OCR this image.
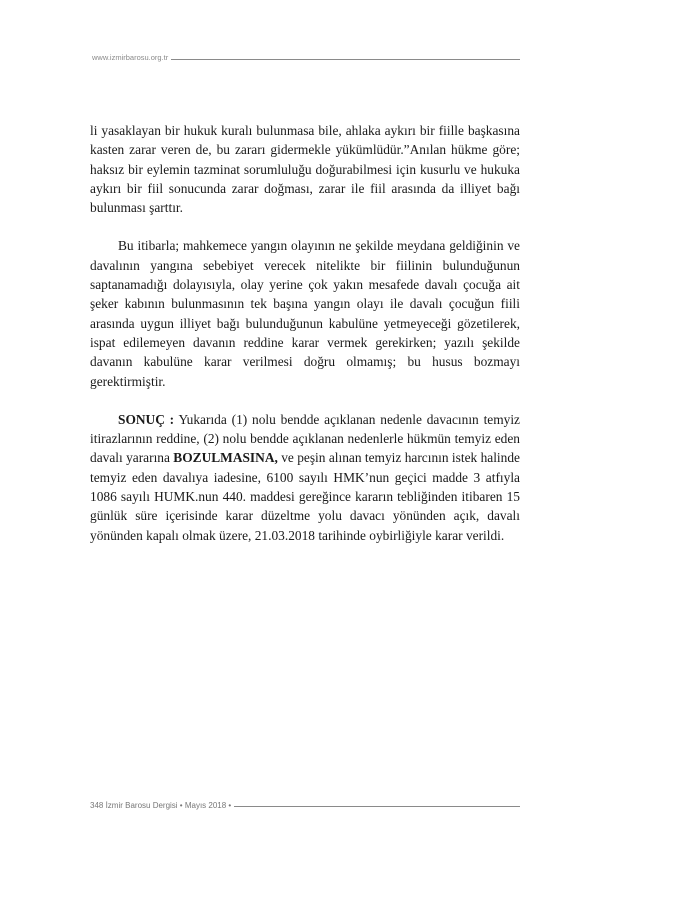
www.izmirbarosu.org.tr

li yasaklayan bir hukuk kuralı bulunmasa bile, ahlaka aykırı bir fiille başkasına kasten zarar veren de, bu zararı gidermekle yükümlüdür.”Anılan hükme göre; haksız bir eylemin tazminat sorumluluğu doğurabilmesi için kusurlu ve hukuka aykırı bir fiil sonucunda zarar doğması, zarar ile fiil arasında da illiyet bağı bulunması şarttır.

Bu itibarla; mahkemece yangın olayının ne şekilde meydana geldiğinin ve davalının yangına sebebiyet verecek nitelikte bir fiilinin bulunduğunun saptanamadığı dolayısıyla, olay yerine çok yakın mesafede davalı çocuğa ait şeker kabının bulunmasının tek başına yangın olayı ile davalı çocuğun fiili arasında uygun illiyet bağı bulunduğunun kabulüne yetmeyeceği gözetilerek, ispat edilemeyen davanın reddine karar vermek gerekirken; yazılı şekilde davanın kabulüne karar verilmesi doğru olmamış; bu husus bozmayı gerektirmiştir.

SONUÇ : Yukarıda (1) nolu bendde açıklanan nedenle davacının temyiz itirazlarının reddine, (2) nolu bendde açıklanan nedenlerle hükmün temyiz eden davalı yararına BOZULMASINA, ve peşin alınan temyiz harcının istek halinde temyiz eden davalıya iadesine, 6100 sayılı HMK’nun geçici madde 3 atfıyla 1086 sayılı HUMK.nun 440. maddesi gereğince kararın tebliğinden itibaren 15 günlük süre içerisinde karar düzeltme yolu davacı yönünden açık, davalı yönünden kapalı olmak üzere, 21.03.2018 tarihinde oybirliğiyle karar verildi.

348 İzmir Barosu Dergisi • Mayıs 2018 •
